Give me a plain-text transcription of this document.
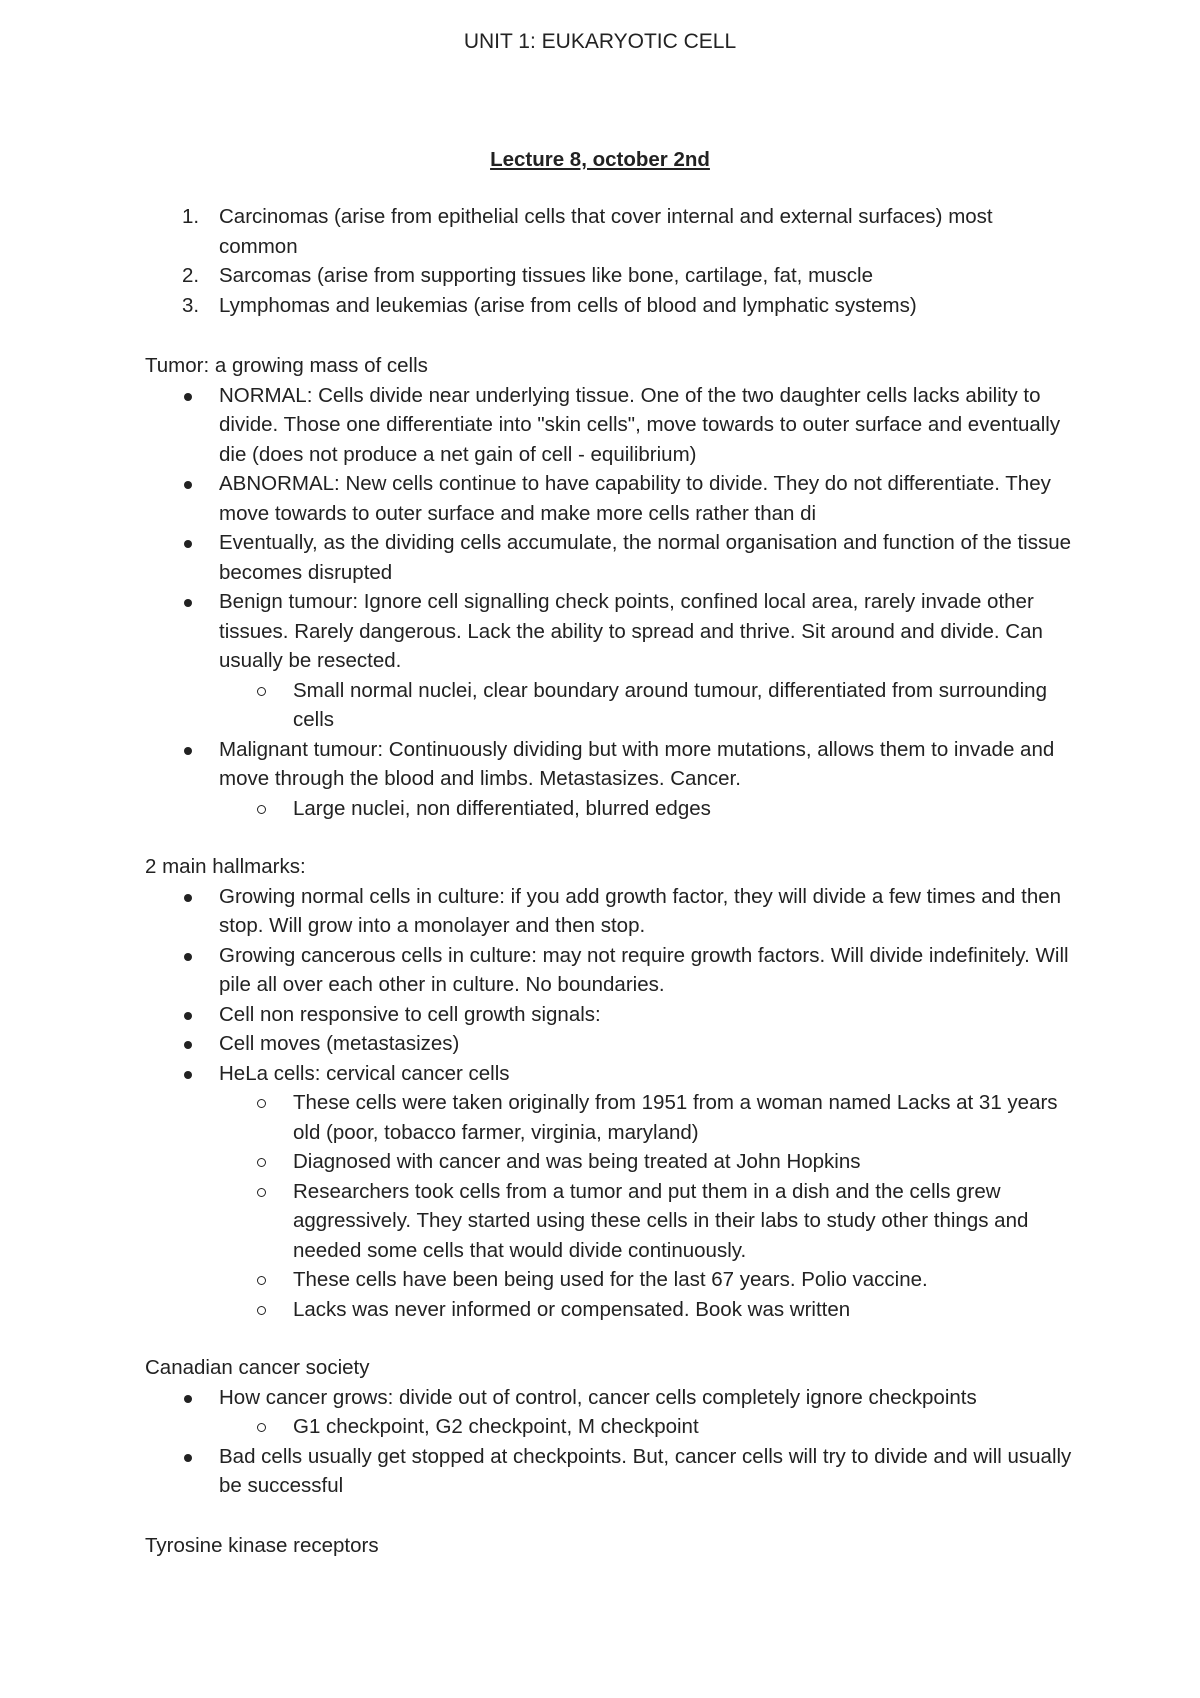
UNIT 1: EUKARYOTIC CELL
Lecture 8, october 2nd
1. Carcinomas (arise from epithelial cells that cover internal and external surfaces) most common
2. Sarcomas (arise from supporting tissues like bone, cartilage, fat, muscle
3. Lymphomas and leukemias (arise from cells of blood and lymphatic systems)
Tumor: a growing mass of cells
NORMAL: Cells divide near underlying tissue. One of the two daughter cells lacks ability to divide. Those one differentiate into "skin cells", move towards to outer surface and eventually die (does not produce a net gain of cell - equilibrium)
ABNORMAL: New cells continue to have capability to divide. They do not differentiate. They move towards to outer surface and make more cells rather than di
Eventually, as the dividing cells accumulate, the normal organisation and function of the tissue becomes disrupted
Benign tumour: Ignore cell signalling check points, confined local area, rarely invade other tissues. Rarely dangerous. Lack the ability to spread and thrive. Sit around and divide. Can usually be resected.
Small normal nuclei, clear boundary around tumour, differentiated from surrounding cells
Malignant tumour: Continuously dividing but with more mutations, allows them to invade and move through the blood and limbs. Metastasizes. Cancer.
Large nuclei, non differentiated, blurred edges
2 main hallmarks:
Growing normal cells in culture: if you add growth factor, they will divide a few times and then stop. Will grow into a monolayer and then stop.
Growing cancerous cells in culture: may not require growth factors. Will divide indefinitely. Will pile all over each other in culture. No boundaries.
Cell non responsive to cell growth signals:
Cell moves (metastasizes)
HeLa cells: cervical cancer cells
These cells were taken originally from 1951 from a woman named Lacks at 31 years old (poor, tobacco farmer, virginia, maryland)
Diagnosed with cancer and was being treated at John Hopkins
Researchers took cells from a tumor and put them in a dish and the cells grew aggressively. They started using these cells in their labs to study other things and needed some cells that would divide continuously.
These cells have been being used for the last 67 years. Polio vaccine.
Lacks was never informed or compensated. Book was written
Canadian cancer society
How cancer grows: divide out of control, cancer cells completely ignore checkpoints
G1 checkpoint, G2 checkpoint, M checkpoint
Bad cells usually get stopped at checkpoints. But, cancer cells will try to divide and will usually be successful
Tyrosine kinase receptors
